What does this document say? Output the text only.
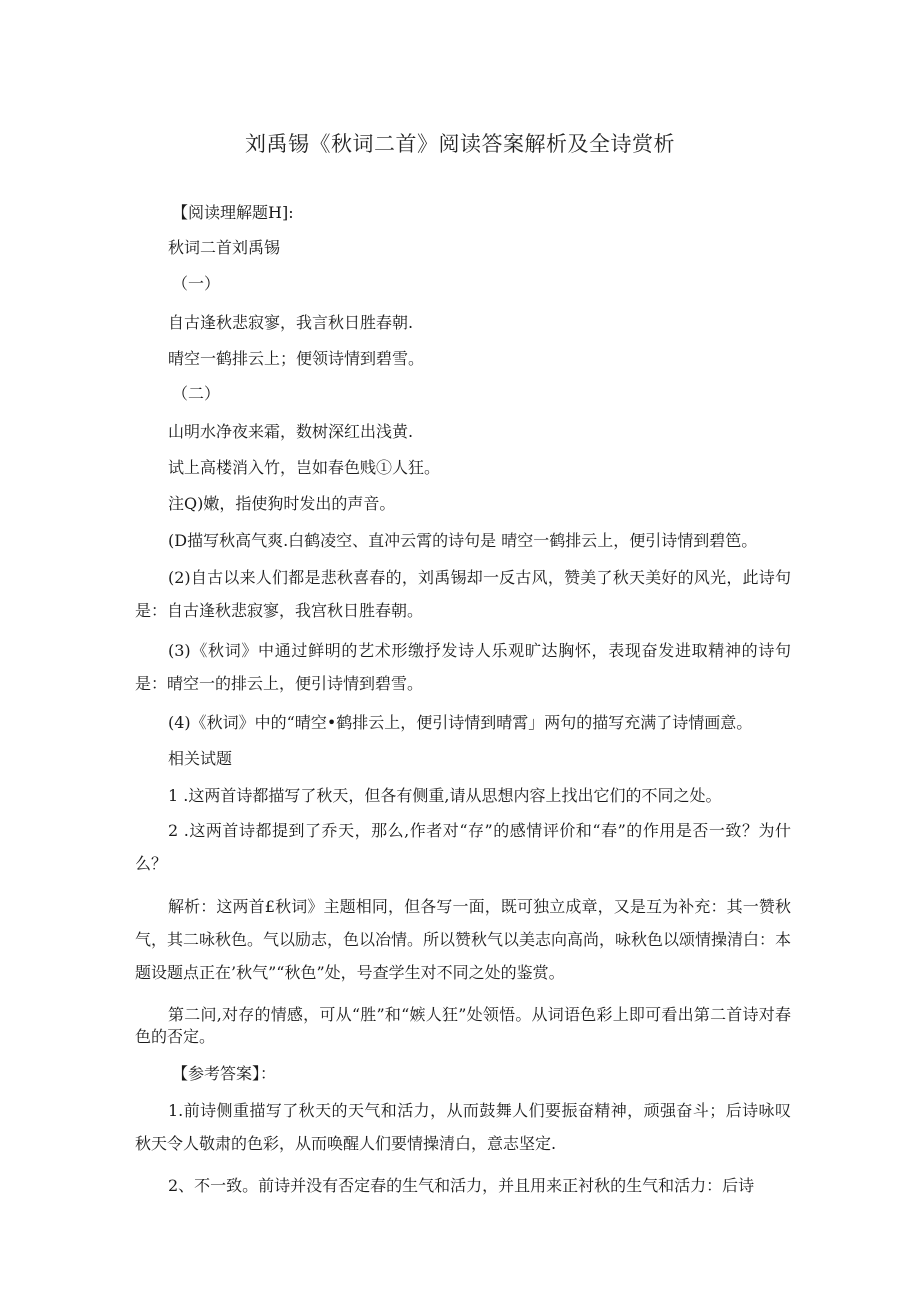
刘禹锡《秋词二首》阅读答案解析及全诗赏析
【阅读理解题H]:
秋词二首刘禹锡
（一）
自古逢秋悲寂寥，我言秋日胜春朝.
晴空一鹤排云上；便领诗情到碧雪。
（二）
山明水净夜来霜，数树深红出浅黄.
试上高楼消入竹，岂如春色贱①人狂。
注Q)嫩，指使狗时发出的声音。
(D描写秋高气爽.白鹤凌空、直冲云霄的诗句是 晴空一鹤排云上，便引诗情到碧笆。
(2)自古以来人们都是悲秋喜春的，刘禹锡却一反古风，赞美了秋天美好的风光，此诗句是：自古逢秋悲寂寥，我宫秋日胜春朝。
(3)《秋词》中通过鲜明的艺术形缴抒发诗人乐观旷达胸怀，表现奋发进取精神的诗句是：晴空一的排云上，便引诗情到碧雪。
(4)《秋词》中的“晴空•鹤排云上，便引诗情到晴霄」两句的描写充满了诗情画意。
相关试题
1 .这两首诗都描写了秋天，但各有侧重,请从思想内容上找出它们的不同之处。
2 .这两首诗都提到了乔天，那么,作者对“存”的感情评价和“春”的作用是否一致？为什么？
解析：这两首£秋词》主题相同，但各写一面，既可独立成章，又是互为补充：其一赞秋气，其二咏秋色。气以励志，色以冶情。所以赞秋气以美志向高尚，咏秋色以颂情操清白：本题设题点正在’秋气”“秋色”处，号查学生对不同之处的鉴赏。
第二问,对存的情感，可从“胜”和“嫉人狂”处领悟。从词语色彩上即可看出第二首诗对春色的否定。
【参考答案】：
1.前诗侧重描写了秋天的天气和活力，从而鼓舞人们要振奋精神，顽强奋斗；后诗咏叹秋天令人敬肃的色彩，从而唤醒人们要情操清白，意志坚定.
2、不一致。前诗并没有否定春的生气和活力，并且用来正衬秋的生气和活力：后诗
